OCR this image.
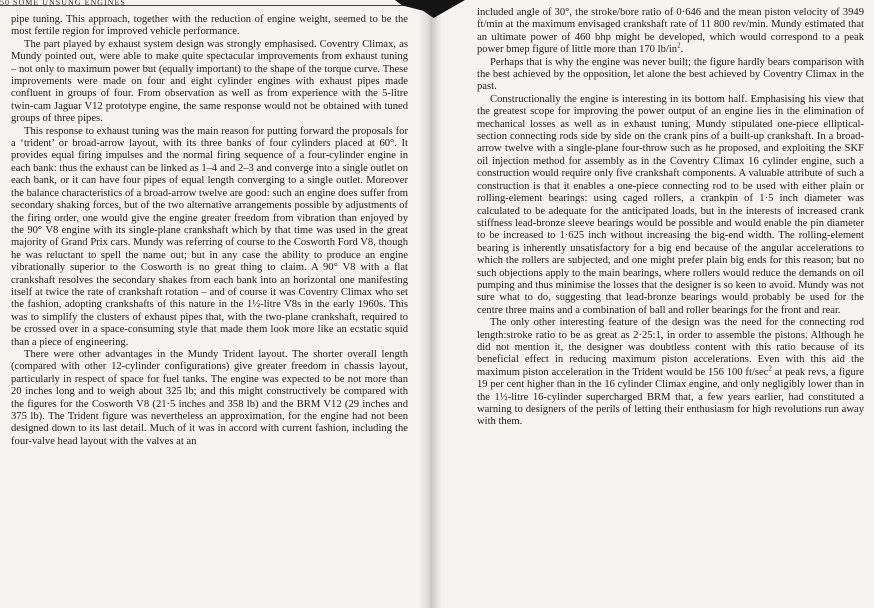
50 SOME UNSUNG ENGINES

pipe tuning. This approach, together with the reduction of engine weight, seemed to be the most fertile region for improved vehicle performance.

The part played by exhaust system design was strongly emphasised. Coventry Climax, as Mundy pointed out, were able to make quite spectacular improvements from exhaust tuning – not only to maximum power but (equally important) to the shape of the torque curve. These improvements were made on four and eight cylinder engines with exhaust pipes made confluent in groups of four. From observation as well as from experience with the 5-litre twin-cam Jaguar V12 prototype engine, the same response would not be obtained with tuned groups of three pipes.

This response to exhaust tuning was the main reason for putting forward the proposals for a ‘trident’ or broad-arrow layout, with its three banks of four cylinders placed at 60°. It provides equal firing impulses and the normal firing sequence of a four-cylinder engine in each bank: thus the exhaust can be linked as 1–4 and 2–3 and converge into a single outlet on each bank, or it can have four pipes of equal length converging to a single outlet. Moreover the balance characteristics of a broad-arrow twelve are good: such an engine does suffer from secondary shaking forces, but of the two alternative arrangements possible by adjustments of the firing order, one would give the engine greater freedom from vibration than enjoyed by the 90° V8 engine with its single-plane crankshaft which by that time was used in the great majority of Grand Prix cars. Mundy was referring of course to the Cosworth Ford V8, though he was reluctant to spell the name out; but in any case the ability to produce an engine vibrationally superior to the Cosworth is no great thing to claim. A 90° V8 with a flat crankshaft resolves the secondary shakes from each bank into an horizontal one manifesting itself at twice the rate of crankshaft rotation – and of course it was Coventry Climax who set the fashion, adopting crankshafts of this nature in the 1½-litre V8s in the early 1960s. This was to simplify the clusters of exhaust pipes that, with the two-plane crankshaft, required to be crossed over in a space-consuming style that made them look more like an ecstatic squid than a piece of engineering.

There were other advantages in the Mundy Trident layout. The shorter overall length (compared with other 12-cylinder configurations) give greater freedom in chassis layout, particularly in respect of space for fuel tanks. The engine was expected to be not more than 20 inches long and to weigh about 325 lb; and this might constructively be compared with the figures for the Cosworth V8 (21·5 inches and 358 lb) and the BRM V12 (29 inches and 375 lb). The Trident figure was nevertheless an approximation, for the engine had not been designed down to its last detail. Much of it was in accord with current fashion, including the four-valve head layout with the valves at an

included angle of 30°, the stroke/bore ratio of 0·646 and the mean piston velocity of 3949 ft/min at the maximum envisaged crankshaft rate of 11 800 rev/min. Mundy estimated that an ultimate power of 460 bhp might be developed, which would correspond to a peak power bmep figure of little more than 170 $lb/in^2$.

Perhaps that is why the engine was never built; the figure hardly bears comparison with the best achieved by the opposition, let alone the best achieved by Coventry Climax in the past.

Constructionally the engine is interesting in its bottom half. Emphasising his view that the greatest scope for improving the power output of an engine lies in the elimination of mechanical losses as well as in exhaust tuning, Mundy stipulated one-piece elliptical-section connecting rods side by side on the crank pins of a built-up crankshaft. In a broad-arrow twelve with a single-plane four-throw such as he proposed, and exploiting the SKF oil injection method for assembly as in the Coventry Climax 16 cylinder engine, such a construction would require only five crankshaft components. A valuable attribute of such a construction is that it enables a one-piece connecting rod to be used with either plain or rolling-element bearings: using caged rollers, a crankpin of 1·5 inch diameter was calculated to be adequate for the anticipated loads, but in the interests of increased crank stiffness lead-bronze sleeve bearings would be possible and would enable the pin diameter to be increased to 1·625 inch without increasing the big-end width. The rolling-element bearing is inherently unsatisfactory for a big end because of the angular accelerations to which the rollers are subjected, and one might prefer plain big ends for this reason; but no such objections apply to the main bearings, where rollers would reduce the demands on oil pumping and thus minimise the losses that the designer is so keen to avoid. Mundy was not sure what to do, suggesting that lead-bronze bearings would probably be used for the centre three mains and a combination of ball and roller bearings for the front and rear.

The only other interesting feature of the design was the need for the connecting rod length:stroke ratio to be as great as 2·25:1, in order to assemble the pistons. Although he did not mention it, the designer was doubtless content with this ratio because of its beneficial effect in reducing maximum piston accelerations. Even with this aid the maximum piston acceleration in the Trident would be 156 100 $ft/\sec^2$ at peak revs, a figure 19 per cent higher than in the 16 cylinder Climax engine, and only negligibly lower than in the 1½-litre 16-cylinder supercharged BRM that, a few years earlier, had constituted a warning to designers of the perils of letting their enthusiasm for high revolutions run away with them.
